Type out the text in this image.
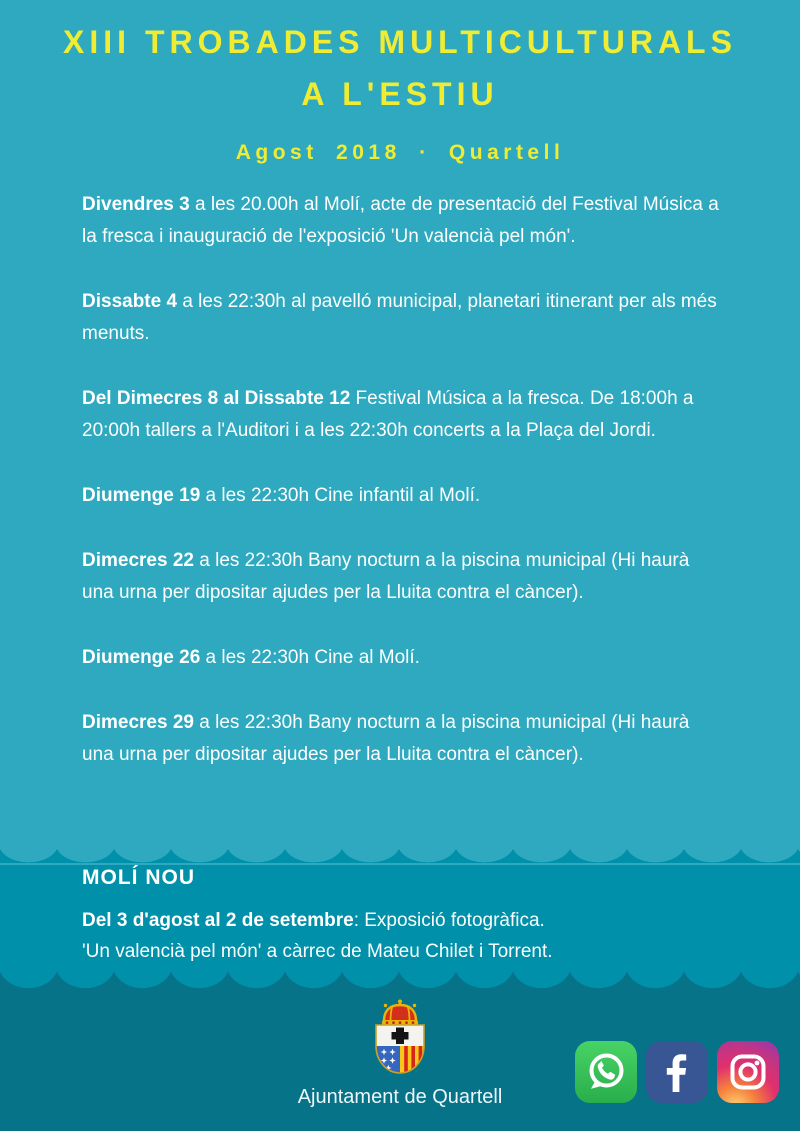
XIII TROBADES MULTICULTURALS
A L'ESTIU
Agost 2018 · Quartell

Divendres 3 a les 20.00h al Molí, acte de presentació del Festival Música a la fresca i inauguració de l'exposició 'Un valencià pel món'.

Dissabte 4 a les 22:30h al pavelló municipal, planetari itinerant per als més menuts.

Del Dimecres 8 al Dissabte 12 Festival Música a la fresca. De 18:00h a 20:00h tallers a l'Auditori i a les 22:30h concerts a la Plaça del Jordi.

Diumenge 19 a les 22:30h Cine infantil al Molí.

Dimecres 22 a les 22:30h Bany nocturn a la piscina municipal (Hi haurà una urna per dipositar ajudes per la Lluita contra el càncer).

Diumenge 26 a les 22:30h Cine al Molí.

Dimecres 29 a les 22:30h Bany nocturn a la piscina municipal (Hi haurà una urna per dipositar ajudes per la Lluita contra el càncer).

MOLÍ NOU
Del 3 d'agost al 2 de setembre: Exposició fotogràfica.
'Un valencià pel món' a càrrec de Mateu Chilet i Torrent.
Ajuntament de Quartell
